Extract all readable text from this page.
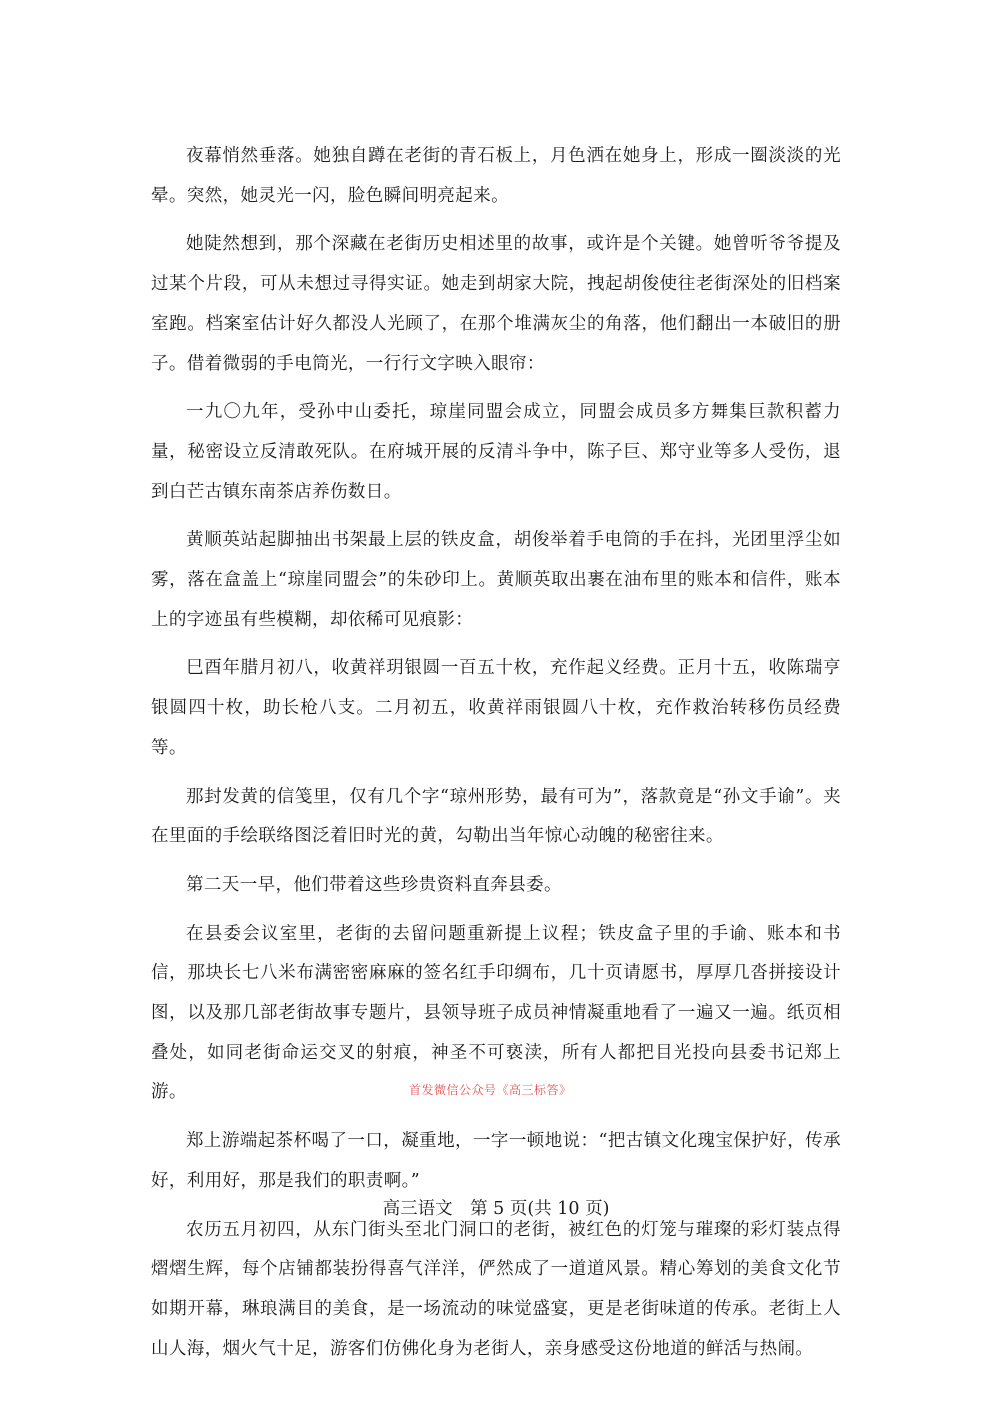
夜幕悄然垂落。她独自蹲在老街的青石板上，月色洒在她身上，形成一圈淡淡的光晕。突然，她灵光一闪，脸色瞬间明亮起来。

她陡然想到，那个深藏在老街历史相述里的故事，或许是个关键。她曾听爷爷提及过某个片段，可从未想过寻得实证。她走到胡家大院，拽起胡俊使往老街深处的旧档案室跑。档案室估计好久都没人光顾了，在那个堆满灰尘的角落，他们翻出一本破旧的册子。借着微弱的手电筒光，一行行文字映入眼帘：

一九〇九年，受孙中山委托，琼崖同盟会成立，同盟会成员多方舞集巨款积蓄力量，秘密设立反清敢死队。在府城开展的反清斗争中，陈子巨、郑守业等多人受伤，退到白芒古镇东南茶店养伤数日。

黄顺英站起脚抽出书架最上层的铁皮盒，胡俊举着手电筒的手在抖，光团里浮尘如雾，落在盒盖上“琼崖同盟会”的朱砂印上。黄顺英取出裹在油布里的账本和信件，账本上的字迹虽有些模糊，却依稀可见痕影：

巳酉年腊月初八，收黄祥玥银圆一百五十枚，充作起义经费。正月十五，收陈瑞亨银圆四十枚，助长枪八支。二月初五，收黄祥雨银圆八十枚，充作救治转移伤员经费等。

那封发黄的信笺里，仅有几个字“琼州形势，最有可为”，落款竟是“孙文手谕”。夹在里面的手绘联络图泛着旧时光的黄，勾勒出当年惊心动魄的秘密往来。

第二天一早，他们带着这些珍贵资料直奔县委。

在县委会议室里，老街的去留问题重新提上议程；铁皮盒子里的手谕、账本和书信，那块长七八米布满密密麻麻的签名红手印绸布，几十页请愿书，厚厚几沓拼接设计图，以及那几部老街故事专题片，县领导班子成员神情凝重地看了一遍又一遍。纸页相叠处，如同老街命运交叉的射痕，神圣不可亵渎，所有人都把目光投向县委书记郑上游。

郑上游端起茶杯喝了一口，凝重地，一字一顿地说：“把古镇文化瑰宝保护好，传承好，利用好，那是我们的职责啊。”

农历五月初四，从东门街头至北门洞口的老街，被红色的灯笼与璀璨的彩灯装点得熠熠生辉，每个店铺都装扮得喜气洋洋，俨然成了一道道风景。精心筹划的美食文化节如期开幕，琳琅满目的美食，是一场流动的味觉盛宴，更是老街味道的传承。老街上人山人海，烟火气十足，游客们仿佛化身为老街人，亲身感受这份地道的鲜活与热闹。

首发微信公众号《高三标答》
高三语文　第 5 页(共 10 页)
